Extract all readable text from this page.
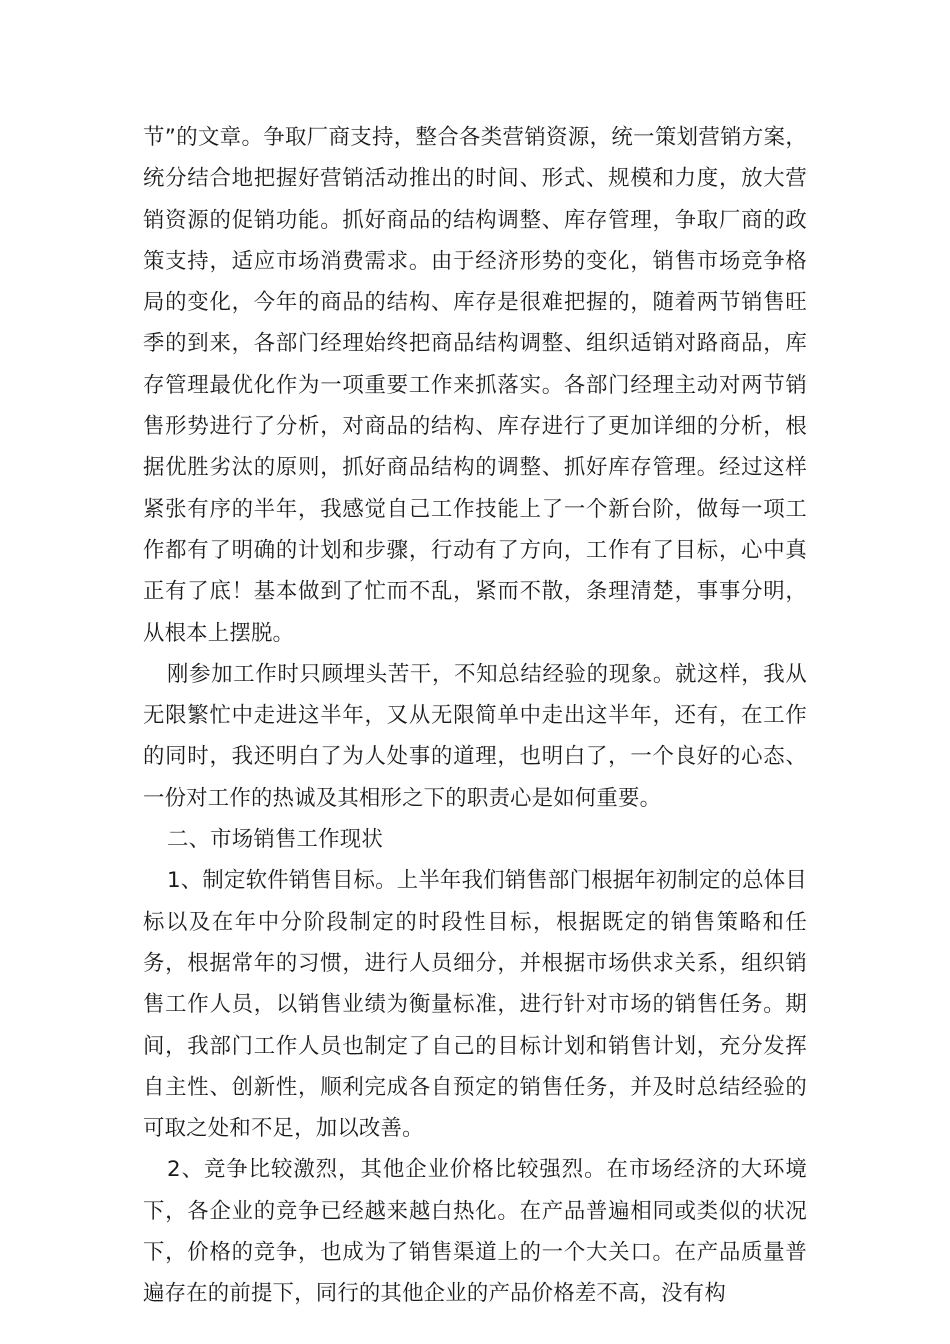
节”的文章。争取厂商支持，整合各类营销资源，统一策划营销方案，统分结合地把握好营销活动推出的时间、形式、规模和力度，放大营销资源的促销功能。抓好商品的结构调整、库存管理，争取厂商的政策支持，适应市场消费需求。由于经济形势的变化，销售市场竞争格局的变化，今年的商品的结构、库存是很难把握的，随着两节销售旺季的到来，各部门经理始终把商品结构调整、组织适销对路商品，库存管理最优化作为一项重要工作来抓落实。各部门经理主动对两节销售形势进行了分析，对商品的结构、库存进行了更加详细的分析，根据优胜劣汰的原则，抓好商品结构的调整、抓好库存管理。经过这样紧张有序的半年，我感觉自己工作技能上了一个新台阶，做每一项工作都有了明确的计划和步骤，行动有了方向，工作有了目标，心中真正有了底！基本做到了忙而不乱，紧而不散，条理清楚，事事分明，从根本上摆脱。

刚参加工作时只顾埋头苦干，不知总结经验的现象。就这样，我从无限繁忙中走进这半年，又从无限简单中走出这半年，还有，在工作的同时，我还明白了为人处事的道理，也明白了，一个良好的心态、一份对工作的热诚及其相形之下的职责心是如何重要。

二、市场销售工作现状

1、制定软件销售目标。上半年我们销售部门根据年初制定的总体目标以及在年中分阶段制定的时段性目标，根据既定的销售策略和任务，根据常年的习惯，进行人员细分，并根据市场供求关系，组织销售工作人员，以销售业绩为衡量标准，进行针对市场的销售任务。期间，我部门工作人员也制定了自己的目标计划和销售计划，充分发挥自主性、创新性，顺利完成各自预定的销售任务，并及时总结经验的可取之处和不足，加以改善。

2、竞争比较激烈，其他企业价格比较强烈。在市场经济的大环境下，各企业的竞争已经越来越白热化。在产品普遍相同或类似的状况下，价格的竞争，也成为了销售渠道上的一个大关口。在产品质量普遍存在的前提下，同行的其他企业的产品价格差不高，没有构
